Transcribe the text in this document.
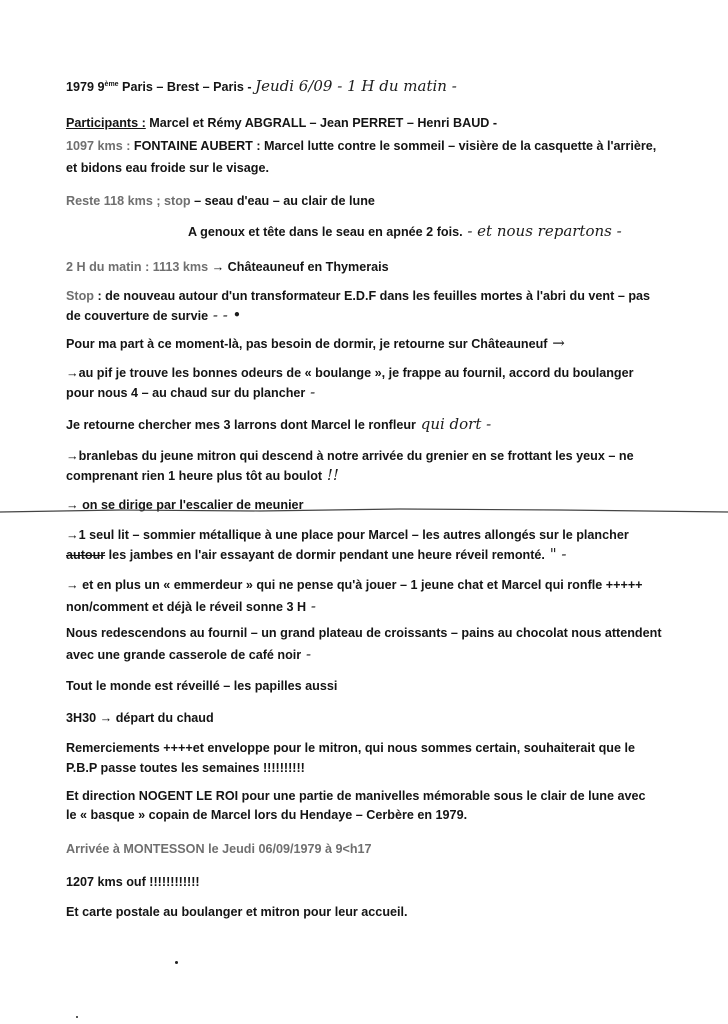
1979 9ème Paris – Brest – Paris - Jeudi 6/09 - 1 H du matin -
Participants : Marcel et Rémy ABGRALL – Jean PERRET – Henri BAUD -
1097 kms : FONTAINE AUBERT : Marcel lutte contre le sommeil – visière de la casquette à l'arrière,
et bidons eau froide sur le visage.
Reste 118 kms ; stop – seau d'eau – au clair de lune
A genoux et tête dans le seau en apnée 2 fois. - et nous repartons -
2 H du matin : 1113 kms → Châteauneuf en Thymerais
Stop : de nouveau autour d'un transformateur E.D.F dans les feuilles mortes à l'abri du vent – pas
de couverture de survie - - •
Pour ma part à ce moment-là, pas besoin de dormir, je retourne sur Châteauneuf →
→au pif je trouve les bonnes odeurs de « boulange », je frappe au fournil, accord du boulanger
pour nous 4 – au chaud sur du plancher -
Je retourne chercher mes 3 larrons dont Marcel le ronfleur qui dort -
→branlebas du jeune mitron qui descend à notre arrivée du grenier en se frottant les yeux – ne
comprenant rien 1 heure plus tôt au boulot !!
→ on se dirige par l'escalier de meunier
→1 seul lit – sommier métallique à une place pour Marcel – les autres allongés sur le plancher
autour les jambes en l'air essayant de dormir pendant une heure réveil remonté. " -
→ et en plus un « emmerdeur » qui ne pense qu'à jouer – 1 jeune chat et Marcel qui ronfle +++++
non/comment et déjà le réveil sonne 3 H -
Nous redescendons au fournil – un grand plateau de croissants – pains au chocolat nous attendent
avec une grande casserole de café noir -
Tout le monde est réveillé – les papilles aussi
3H30 → départ du chaud
Remerciements ++++et enveloppe pour le mitron, qui nous sommes certain, souhaiterait que le
P.B.P passe toutes les semaines !!!!!!!!!!
Et direction NOGENT LE ROI pour une partie de manivelles mémorable sous le clair de lune avec
le « basque » copain de Marcel lors du Hendaye – Cerbère en 1979.
Arrivée à MONTESSON le Jeudi 06/09/1979 à 9<h17
1207 kms ouf !!!!!!!!!!!!
Et carte postale au boulanger et mitron pour leur accueil.
